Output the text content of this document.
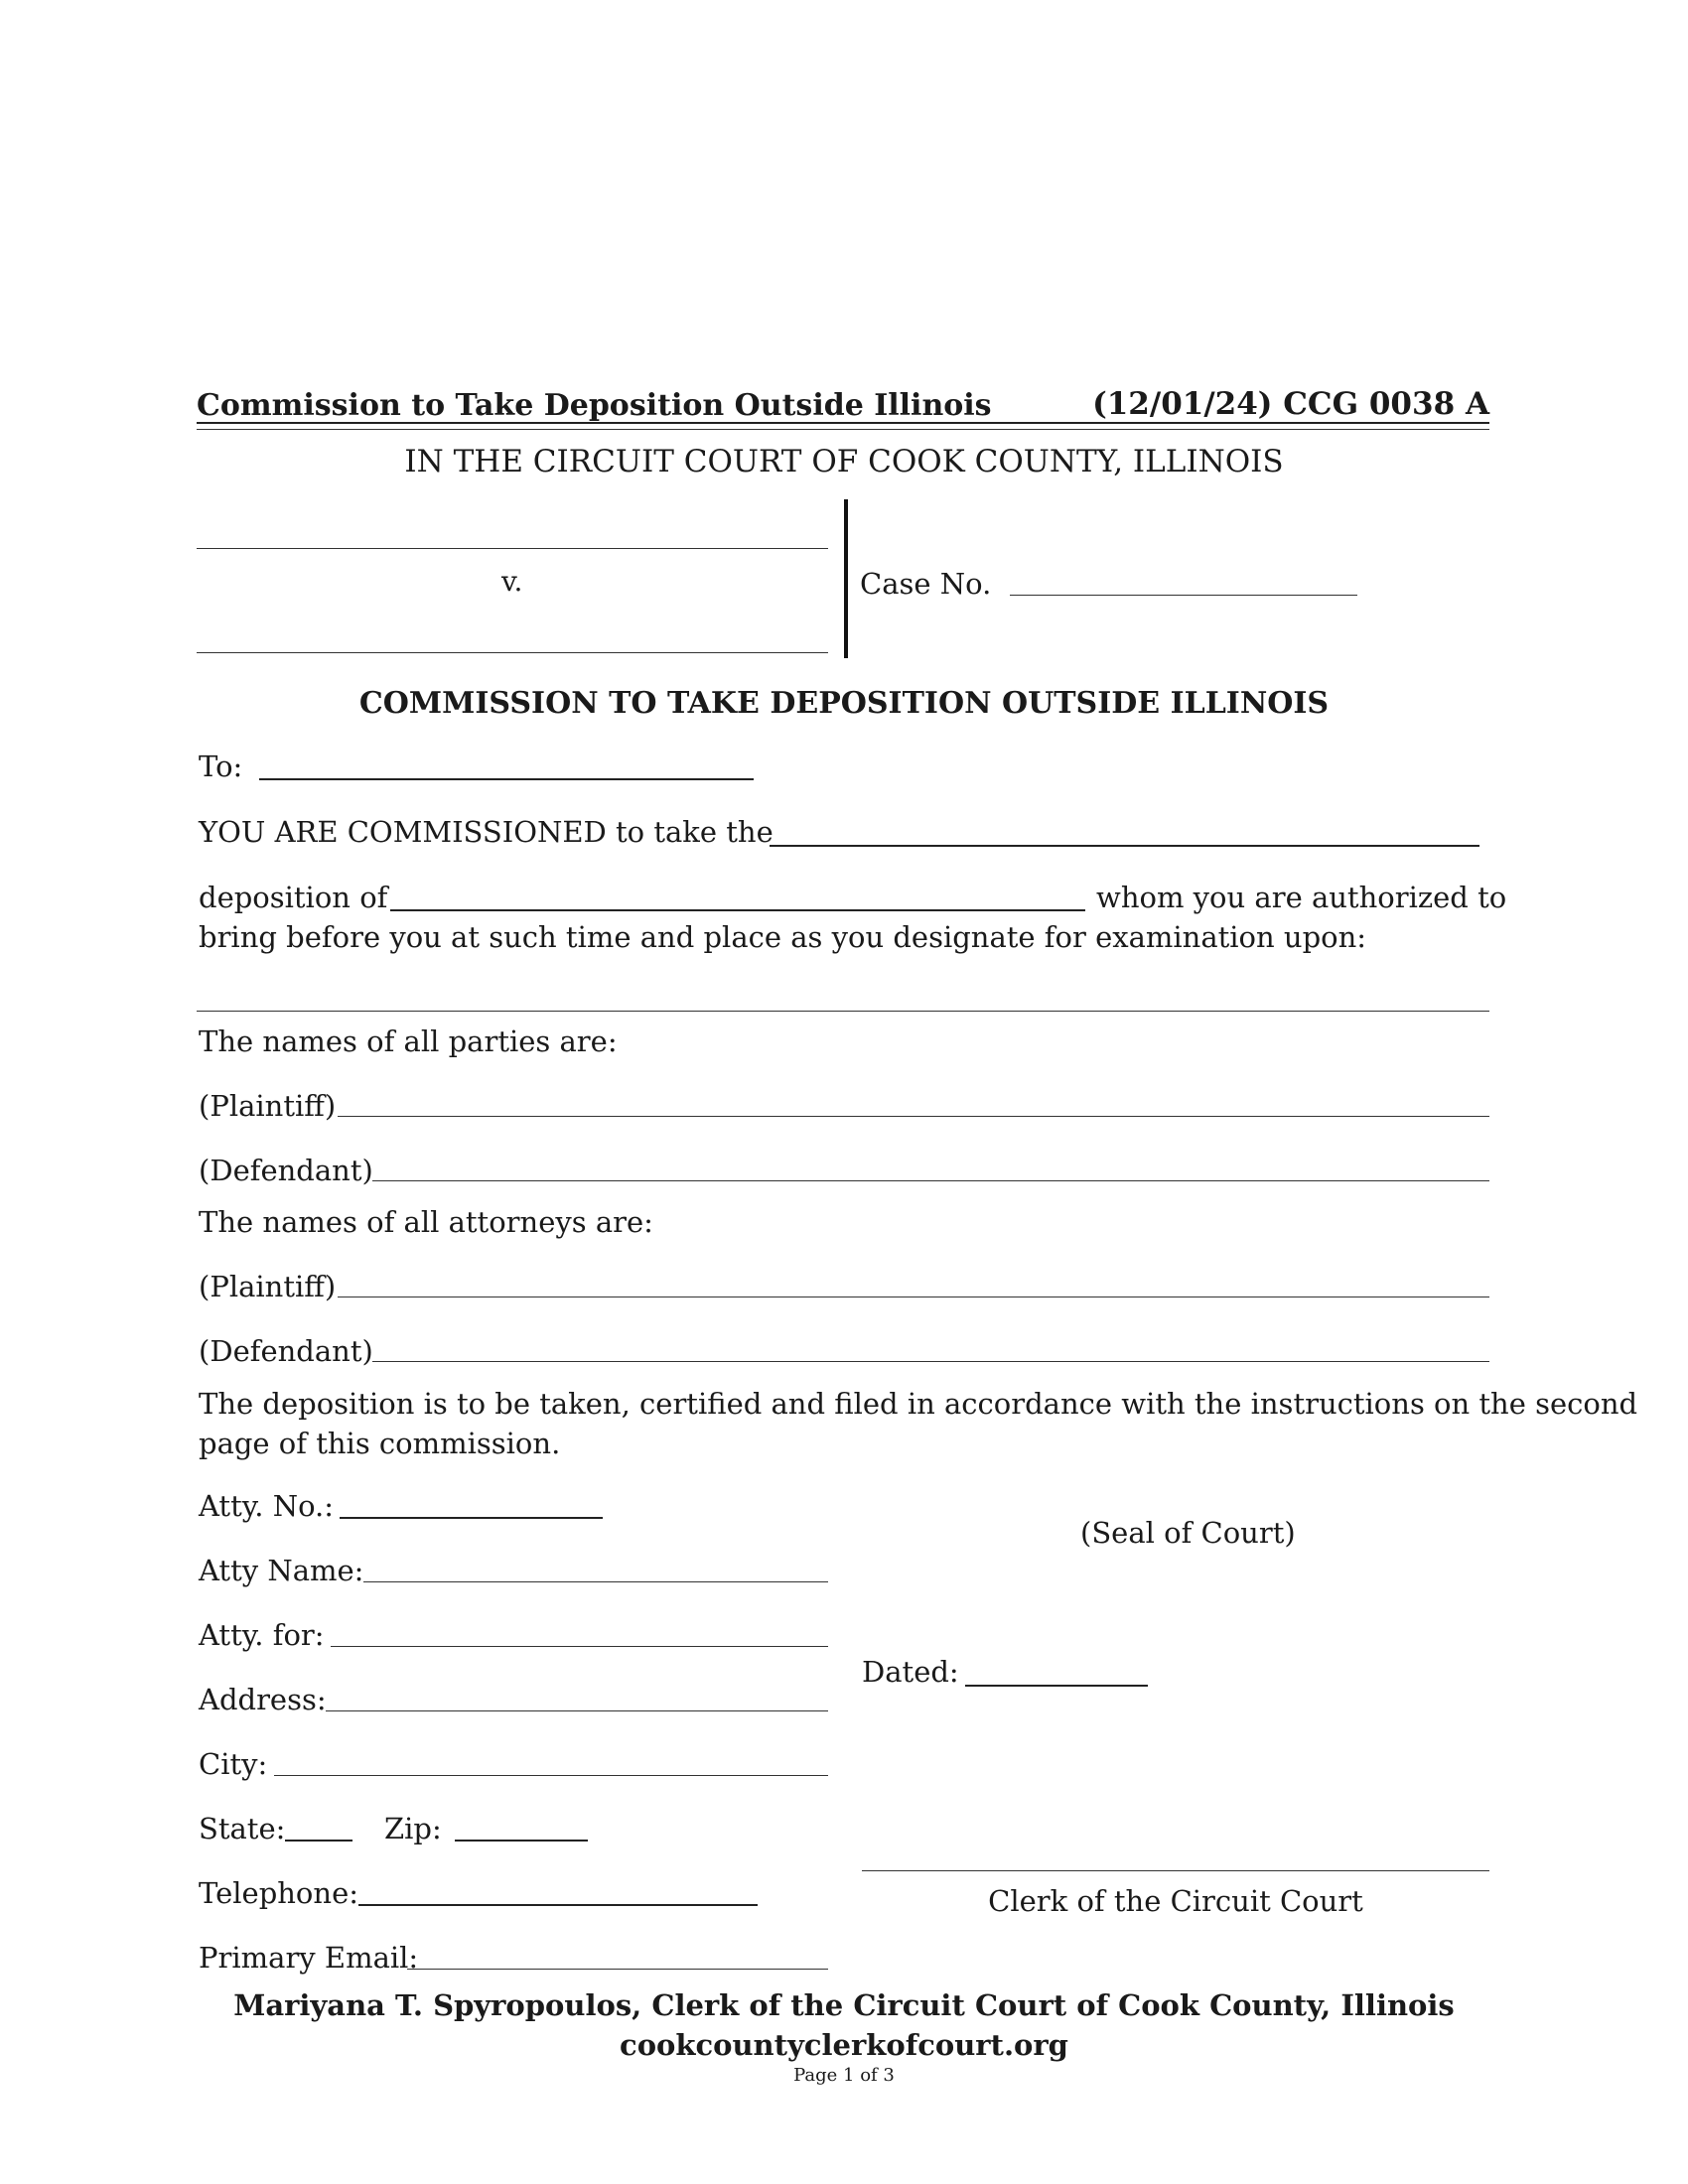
Commission to Take Deposition Outside Illinois	(12/01/24) CCG 0038 A
IN THE CIRCUIT COURT OF COOK COUNTY, ILLINOIS
v.	Case No.
COMMISSION TO TAKE DEPOSITION OUTSIDE ILLINOIS
To:
YOU ARE COMMISSIONED to take the
deposition of	whom you are authorized to
bring before you at such time and place as you designate for examination upon:
The names of all parties are:
(Plaintiff)
(Defendant)
The names of all attorneys are:
(Plaintiff)
(Defendant)
The deposition is to be taken, certified and filed in accordance with the instructions on the second
page of this commission.
Atty. No.:
Atty Name:
Atty. for:
Address:
City:
State:	Zip:
Telephone:
Primary Email:
(Seal of Court)
Dated:
Clerk of the Circuit Court
Mariyana T. Spyropoulos, Clerk of the Circuit Court of Cook County, Illinois
cookcountyclerkofcourt.org
Page 1 of 3
